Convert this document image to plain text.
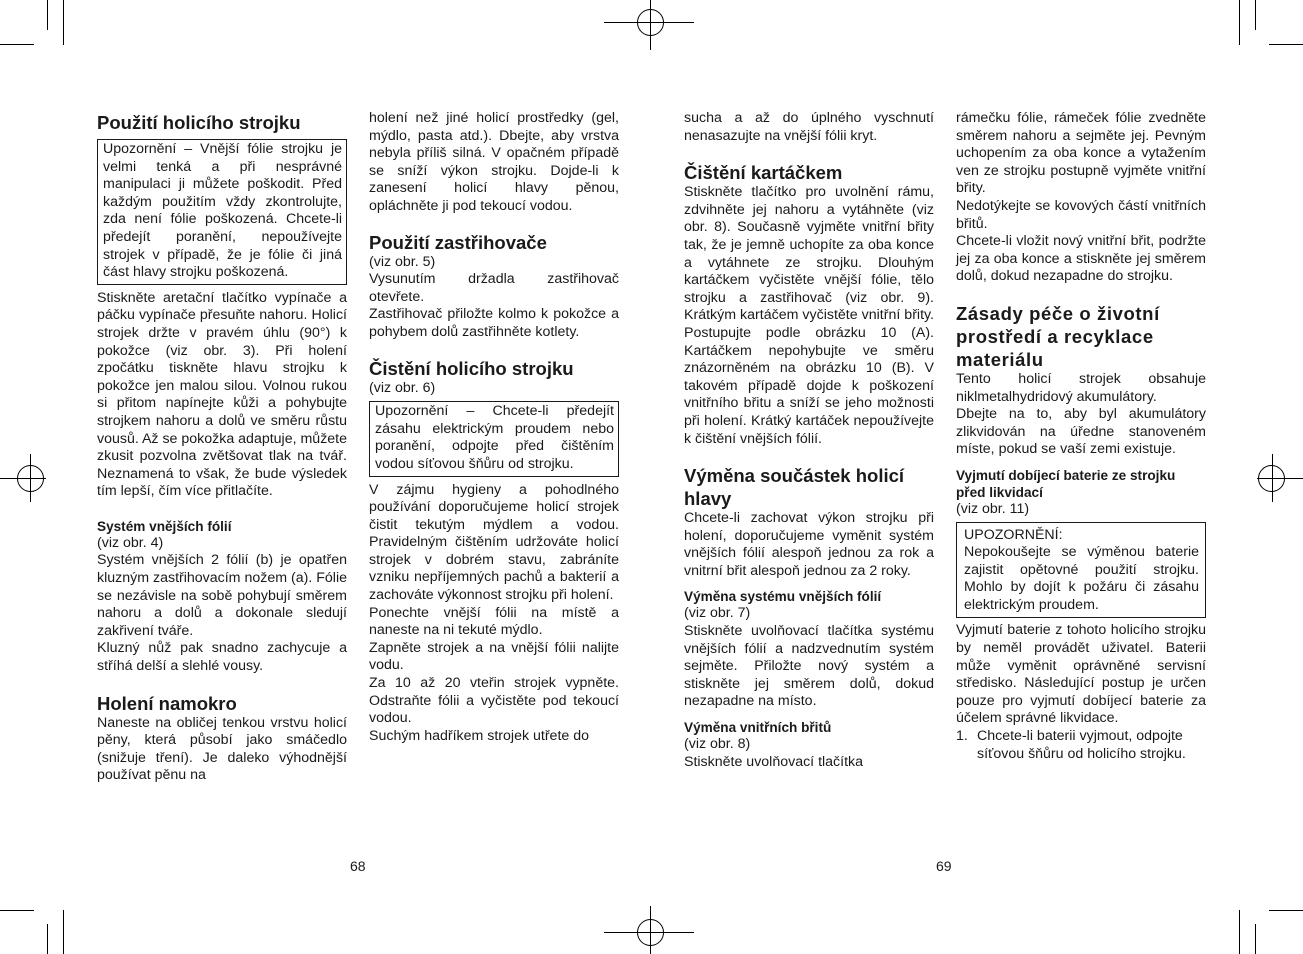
Použití holicího strojku

Upozornění – Vnější fólie strojku je velmi tenká a při nesprávné manipulaci ji můžete poškodit. Před každým použitím vždy zkontrolujte, zda není fólie poškozená. Chcete-li předejít poranění, nepoužívejte strojek v případě, že je fólie či jiná část hlavy strojku poškozená.

Stiskněte aretační tlačítko vypínače a páčku vypínače přesuňte nahoru. Holicí strojek držte v pravém úhlu (90°) k pokožce (viz obr. 3). Při holení zpočátku tiskněte hlavu strojku k pokožce jen malou silou. Volnou rukou si přitom napínejte kůži a pohybujte strojkem nahoru a dolů ve směru růstu vousů. Až se pokožka adaptuje, můžete zkusit pozvolna zvětšovat tlak na tvář. Neznamená to však, že bude výsledek tím lepší, čím více přitlačíte.

Systém vnějších fólií

(viz obr. 4)

Systém vnějších 2 fólií (b) je opatřen kluzným zastřihovacím nožem (a). Fólie se nezávisle na sobě pohybují směrem nahoru a dolů a dokonale sledují zakřivení tváře.

Kluzný nůž pak snadno zachycuje a stříhá delší a slehlé vousy.

Holení namokro

Naneste na obličej tenkou vrstvu holicí pěny, která působí jako smáčedlo (snižuje tření). Je daleko výhodnější používat pěnu na

holení než jiné holicí prostředky (gel, mýdlo, pasta atd.). Dbejte, aby vrstva nebyla příliš silná. V opačném případě se sníží výkon strojku. Dojde-li k zanesení holicí hlavy pěnou, opláchněte ji pod tekoucí vodou.

Použití zastřihovače

(viz obr. 5)

Vysunutím držadla zastřihovač otevřete.

Zastřihovač přiložte kolmo k pokožce a pohybem dolů zastřihněte kotlety.

Čistění holicího strojku

(viz obr. 6)

Upozornění – Chcete-li předejít zásahu elektrickým proudem nebo poranění, odpojte před čištěním vodou síťovou šňůru od strojku.

V zájmu hygieny a pohodlného používání doporučujeme holicí strojek čistit tekutým mýdlem a vodou. Pravidelným čištěním udržováte holicí strojek v dobrém stavu, zabráníte vzniku nepříjemných pachů a bakterií a zachováte výkonnost strojku při holení.

Ponechte vnější fólii na místě a naneste na ni tekuté mýdlo.

Zapněte strojek a na vnější fólii nalijte vodu.

Za 10 až 20 vteřin strojek vypněte. Odstraňte fólii a vyčistěte pod tekoucí vodou.

Suchým hadříkem strojek utřete do

68

sucha a až do úplného vyschnutí nenasazujte na vnější fólii kryt.

Čištění kartáčkem

Stiskněte tlačítko pro uvolnění rámu, zdvihněte jej nahoru a vytáhněte (viz obr. 8). Současně vyjměte vnitřní břity tak, že je jemně uchopíte za oba konce a vytáhnete ze strojku. Dlouhým kartáčkem vyčistěte vnější fólie, tělo strojku a zastřihovač (viz obr. 9). Krátkým kartáčem vyčistěte vnitřní břity. Postupujte podle obrázku 10 (A). Kartáčkem nepohybujte ve směru znázorněném na obrázku 10 (B). V takovém případě dojde k poškození vnitřního břitu a sníží se jeho možnosti při holení. Krátký kartáček nepoužívejte k čištění vnějších fólií.

Výměna součástek holicí hlavy

Chcete-li zachovat výkon strojku při holení, doporučujeme vyměnit systém vnějších fólií alespoň jednou za rok a vnitrní břit alespoň jednou za 2 roky.

Výměna systému vnějších fólií

(viz obr. 7)

Stiskněte uvolňovací tlačítka systému vnějších fólií a nadzvednutím systém sejměte. Přiložte nový systém a stiskněte jej směrem dolů, dokud nezapadne na místo.

Výměna vnitřních břitů

(viz obr. 8)

Stiskněte uvolňovací tlačítka

rámečku fólie, rámeček fólie zvedněte směrem nahoru a sejměte jej. Pevným uchopením za oba konce a vytažením ven ze strojku postupně vyjměte vnitřní břity.

Nedotýkejte se kovových částí vnitřních břitů.

Chcete-li vložit nový vnitřní břit, podržte jej za oba konce a stiskněte jej směrem dolů, dokud nezapadne do strojku.

Zásady péče o životní prostředí a recyklace materiálu

Tento holicí strojek obsahuje niklmetalhydridový akumulátory.

Dbejte na to, aby byl akumulátory zlikvidován na úředne stanoveném míste, pokud se vaší zemi existuje.

Vyjmutí dobíjecí baterie ze strojku před likvidací

(viz obr. 11)

UPOZORNĚNÍ:

Nepokoušejte se výměnou baterie zajistit opětovné použití strojku. Mohlo by dojít k požáru či zásahu elektrickým proudem.

Vyjmutí baterie z tohoto holicího strojku by neměl provádět uživatel. Baterii může vyměnit oprávněné servisní středisko. Následující postup je určen pouze pro vyjmutí dobíjecí baterie za účelem správné likvidace.

1. Chcete-li baterii vyjmout, odpojte síťovou šňůru od holicího strojku.
69
